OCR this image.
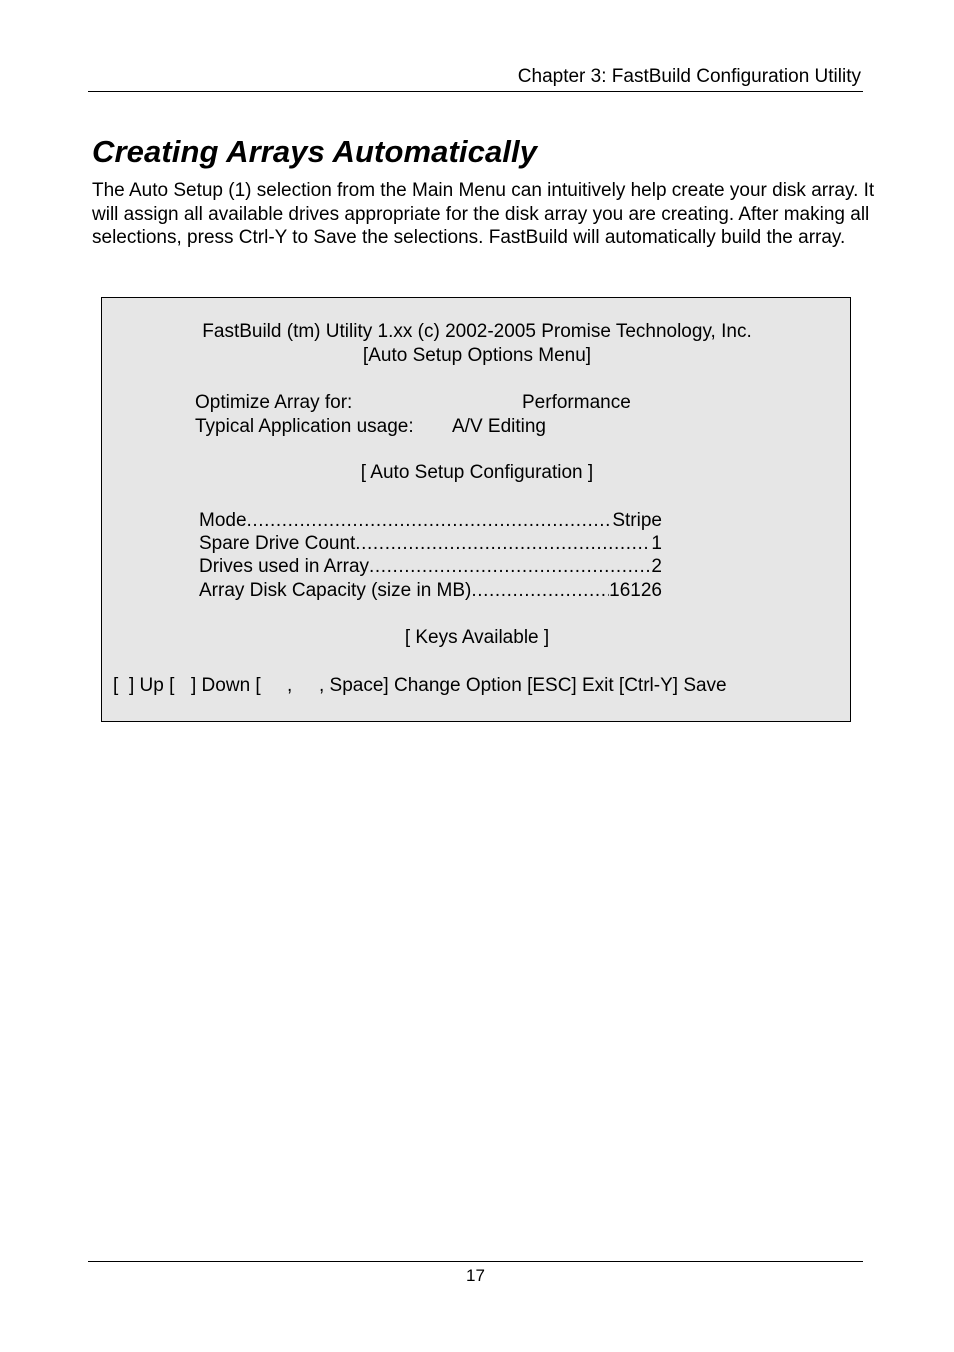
Chapter 3: FastBuild Configuration Utility
Creating Arrays Automatically

The Auto Setup (1) selection from the Main Menu can intuitively help create your disk array. It will assign all available drives appropriate for the disk array you are creating. After making all selections, press Ctrl-Y to Save the selections. FastBuild will automatically build the array.

FastBuild (tm) Utility 1.xx (c) 2002-2005 Promise Technology, Inc.
[Auto Setup Options Menu]
Optimize Array for:	Performance
Typical Application usage: A/V Editing
[ Auto Setup Configuration ]
Mode .....	Stripe
Spare Drive Count .....	1
Drives used in Array .....	2
Array Disk Capacity (size in MB) .....	16126
[ Keys Available ]
[ ] Up [ ] Down [ , , Space] Change Option [ESC] Exit [Ctrl-Y] Save
17
